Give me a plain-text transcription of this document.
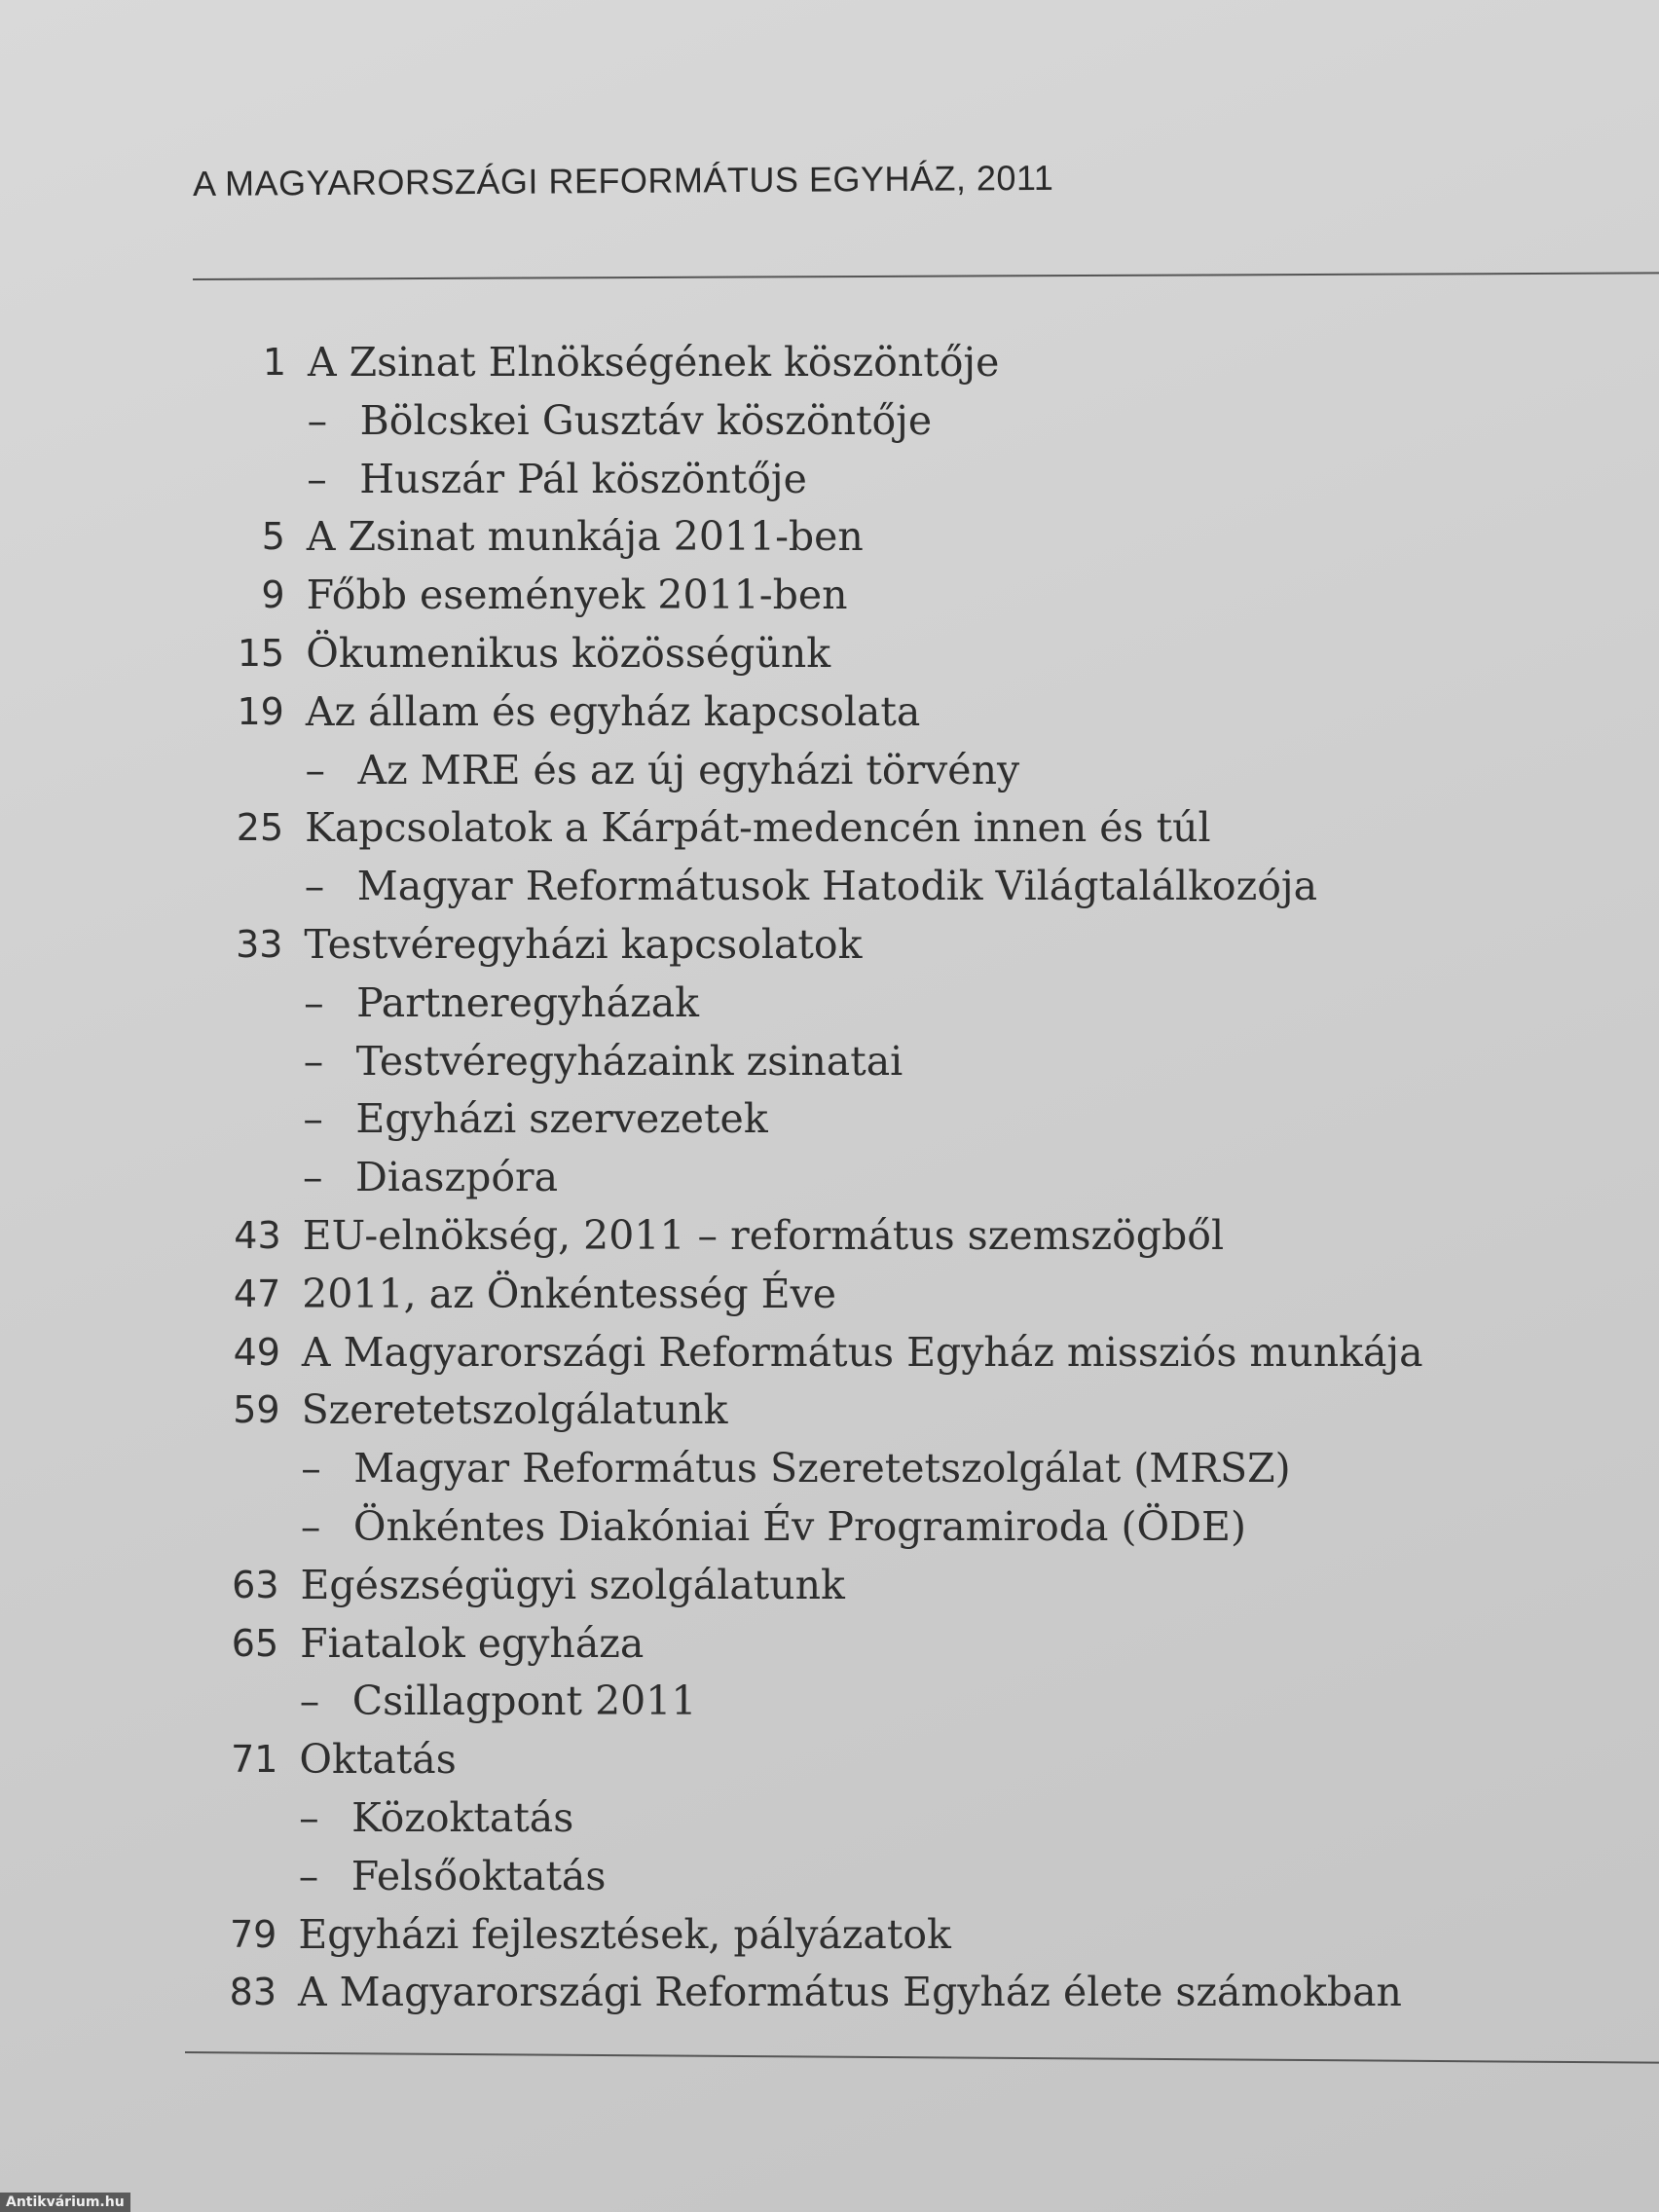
A MAGYARORSZÁGI REFORMÁTUS EGYHÁZ, 2011
1 A Zsinat Elnökségének köszöntője
– Bölcskei Gusztáv köszöntője
– Huszár Pál köszöntője
5 A Zsinat munkája 2011-ben
9 Főbb események 2011-ben
15 Ökumenikus közösségünk
19 Az állam és egyház kapcsolata
– Az MRE és az új egyházi törvény
25 Kapcsolatok a Kárpát-medencén innen és túl
– Magyar Reformátusok Hatodik Világtalálkozója
33 Testvéregyházi kapcsolatok
– Partneregyházak
– Testvéregyházaink zsinatai
– Egyházi szervezetek
– Diaszpóra
43 EU-elnökség, 2011 – református szemszögből
47 2011, az Önkéntesség Éve
49 A Magyarországi Református Egyház missziós munkája
59 Szeretetszolgálatunk
– Magyar Református Szeretetszolgálat (MRSZ)
– Önkéntes Diakóniai Év Programiroda (ÖDE)
63 Egészségügyi szolgálatunk
65 Fiatalok egyháza
– Csillagpont 2011
71 Oktatás
– Közoktatás
– Felsőoktatás
79 Egyházi fejlesztések, pályázatok
83 A Magyarországi Református Egyház élete számokban
Antikvárium.hu
